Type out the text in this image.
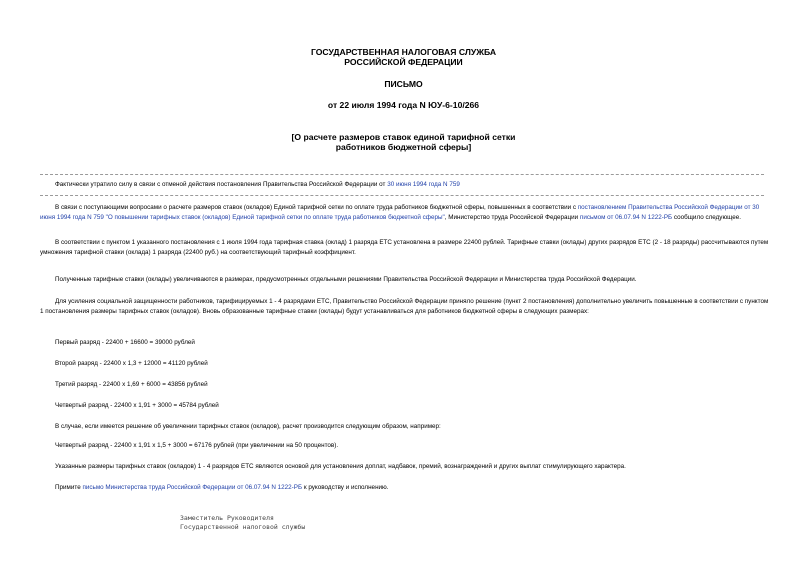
ГОСУДАРСТВЕННАЯ НАЛОГОВАЯ СЛУЖБА
РОССИЙСКОЙ ФЕДЕРАЦИИ
ПИСЬМО
от 22 июля 1994 года N ЮУ-6-10/266
[О расчете размеров ставок единой тарифной сетки
работников бюджетной сферы]
Фактически утратило силу в связи с отменой действия постановления Правительства Российской Федерации от 30 июня 1994 года N 759
В связи с поступающими вопросами о расчете размеров ставок (окладов) Единой тарифной сетки по оплате труда работников бюджетной сферы, повышенных в соответствии с постановлением Правительства Российской Федерации от 30 июня 1994 года N 759 "О повышении тарифных ставок (окладов) Единой тарифной сетки по оплате труда работников бюджетной сферы", Министерство труда Российской Федерации письмом от 06.07.94 N 1222-РБ сообщило следующее.
В соответствии с пунктом 1 указанного постановления с 1 июля 1994 года тарифная ставка (оклад) 1 разряда ЕТС установлена в размере 22400 рублей. Тарифные ставки (оклады) других разрядов ЕТС (2 - 18 разряды) рассчитываются путем умножения тарифной ставки (оклада) 1 разряда (22400 руб.) на соответствующий тарифный коэффициент.
Полученные тарифные ставки (оклады) увеличиваются в размерах, предусмотренных отдельными решениями Правительства Российской Федерации и Министерства труда Российской Федерации.
Для усиления социальной защищенности работников, тарифицируемых 1 - 4 разрядами ЕТС, Правительство Российской Федерации приняло решение (пункт 2 постановления) дополнительно увеличить повышенные в соответствии с пунктом 1 постановления размеры тарифных ставок (окладов). Вновь образованные тарифные ставки (оклады) будут устанавливаться для работников бюджетной сферы в следующих размерах:
Первый разряд - 22400 + 16600 = 39000 рублей
Второй разряд - 22400 х 1,3 + 12000 = 41120 рублей
Третий разряд - 22400 х 1,69 + 6000 = 43856 рублей
Четвертый разряд - 22400 х 1,91 + 3000 = 45784 рублей
В случае, если имеется решение об увеличении тарифных ставок (окладов), расчет производится следующим образом, например:
Четвертый разряд - 22400 х 1,91 х 1,5 + 3000 = 67176 рублей (при увеличении на 50 процентов).
Указанные размеры тарифных ставок (окладов) 1 - 4 разрядов ЕТС являются основой для установления доплат, надбавок, премий, вознаграждений и других выплат стимулирующего характера.
Примите письмо Министерства труда Российской Федерации от 06.07.94 N 1222-РБ к руководству и исполнению.
Заместитель Руководителя
Государственной налоговой службы
